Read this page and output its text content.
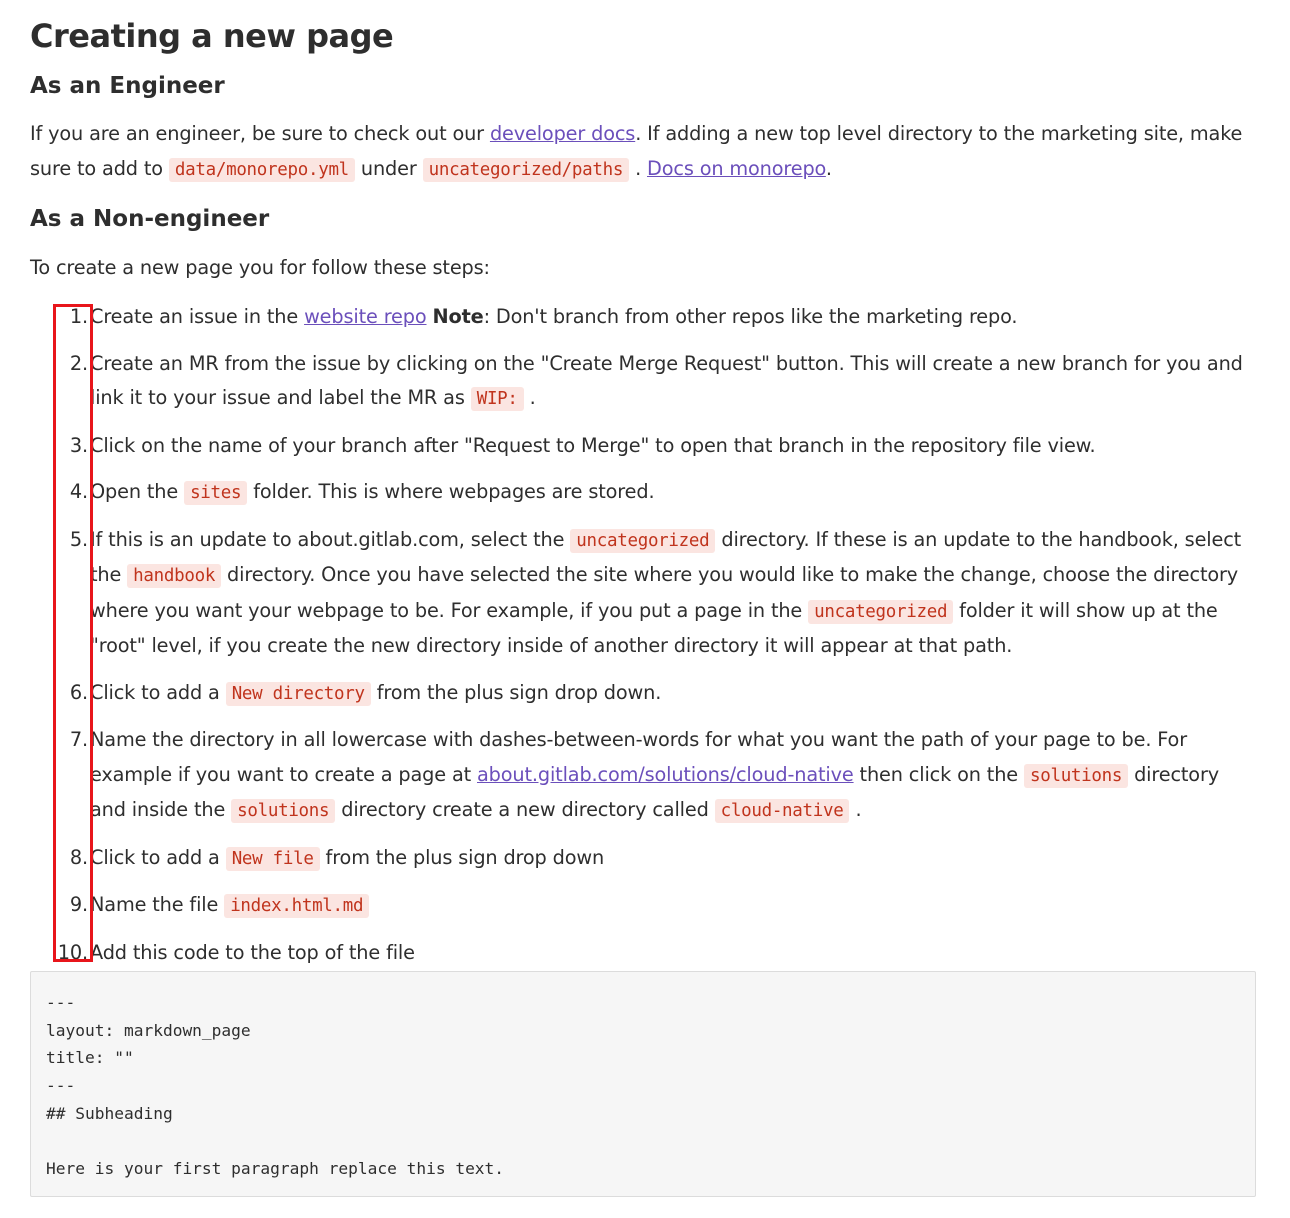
Creating a new page
As an Engineer

If you are an engineer, be sure to check out our developer docs. If adding a new top level directory to the marketing site, make sure to add to data/monorepo.yml under uncategorized/paths . Docs on monorepo.

As a Non-engineer

To create a new page you for follow these steps:

1. Create an issue in the website repo Note: Don't branch from other repos like the marketing repo.
2. Create an MR from the issue by clicking on the "Create Merge Request" button. This will create a new branch for you and link it to your issue and label the MR as WIP: .
3. Click on the name of your branch after "Request to Merge" to open that branch in the repository file view.
4. Open the sites folder. This is where webpages are stored.
5. If this is an update to about.gitlab.com, select the uncategorized directory. If these is an update to the handbook, select the handbook directory. Once you have selected the site where you would like to make the change, choose the directory where you want your webpage to be. For example, if you put a page in the uncategorized folder it will show up at the "root" level, if you create the new directory inside of another directory it will appear at that path.
6. Click to add a New directory from the plus sign drop down.
7. Name the directory in all lowercase with dashes-between-words for what you want the path of your page to be. For example if you want to create a page at about.gitlab.com/solutions/cloud-native then click on the solutions directory and inside the solutions directory create a new directory called cloud-native .
8. Click to add a New file from the plus sign drop down
9. Name the file index.html.md
10. Add this code to the top of the file
---
layout: markdown_page
title: ""
---
## Subheading

Here is your first paragraph replace this text.
